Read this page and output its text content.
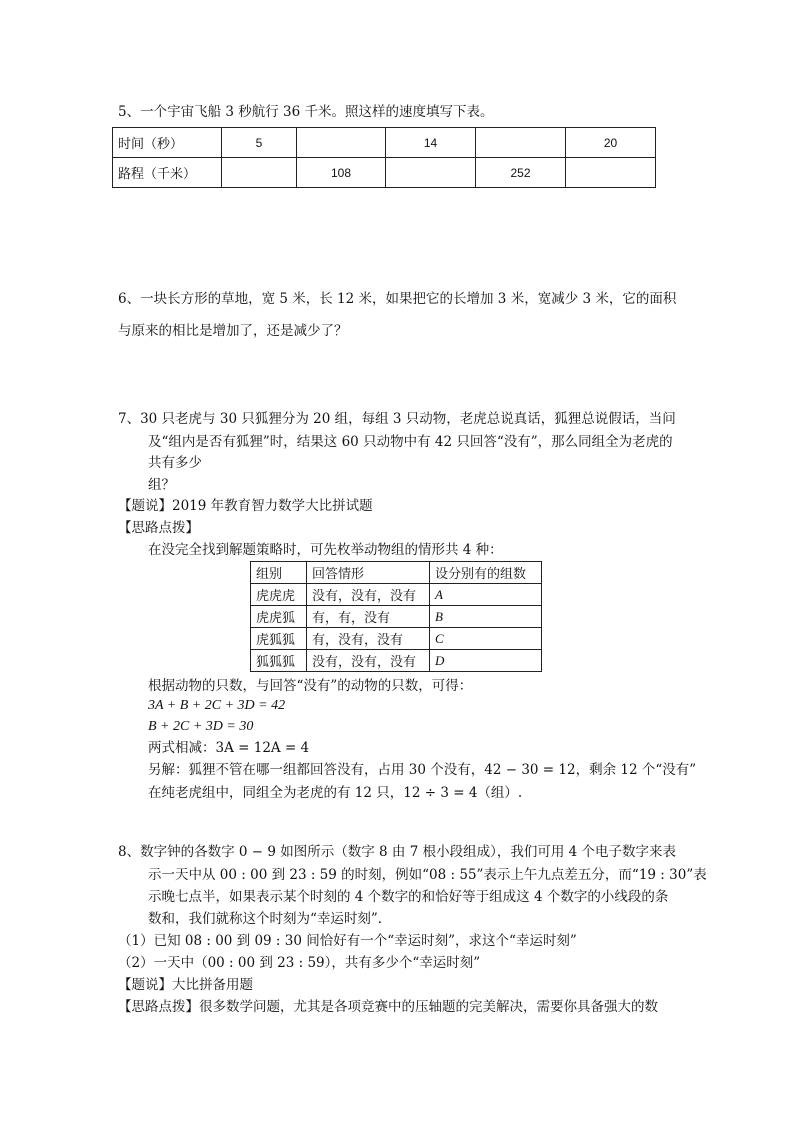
5、一个宇宙飞船 3 秒航行 36 千米。照这样的速度填写下表。
时间（秒）	5		14		20
路程（千米）		108		252	
6、一块长方形的草地，宽 5 米，长 12 米，如果把它的长增加 3 米，宽减少 3 米，它的面积
与原来的相比是增加了，还是减少了？
7、30 只老虎与 30 只狐狸分为 20 组，每组 3 只动物，老虎总说真话，狐狸总说假话，当问
及“组内是否有狐狸”时，结果这 60 只动物中有 42 只回答“没有”，那么同组全为老虎的
共有多少
组？
【题说】2019 年教育智力数学大比拼试题
【思路点拨】
在没完全找到解题策略时，可先枚举动物组的情形共 4 种：
组别	回答情形	设分别有的组数
虎虎虎	没有，没有，没有	A
虎虎狐	有，有，没有	B
虎狐狐	有，没有，没有	C
狐狐狐	没有，没有，没有	D
根据动物的只数，与回答“没有”的动物的只数，可得：
3A + B + 2C + 3D = 42
B + 2C + 3D = 30
两式相减：3A = 12A = 4
另解：狐狸不管在哪一组都回答没有，占用 30 个没有，42 − 30 = 12，剩余 12 个“没有”
在纯老虎组中，同组全为老虎的有 12 只，12 ÷ 3 = 4（组）.
8、数字钟的各数字 0 − 9 如图所示（数字 8 由 7 根小段组成），我们可用 4 个电子数字来表
示一天中从 00 : 00 到 23 : 59 的时刻，例如“08 : 55”表示上午九点差五分，而“19 : 30”表
示晚七点半，如果表示某个时刻的 4 个数字的和恰好等于组成这 4 个数字的小线段的条
数和，我们就称这个时刻为“幸运时刻”．
（1）已知 08 : 00 到 09 : 30 间恰好有一个“幸运时刻”，求这个“幸运时刻”
（2）一天中（00 : 00 到 23 : 59），共有多少个“幸运时刻”
【题说】大比拼备用题
【思路点拨】很多数学问题，尤其是各项竞赛中的压轴题的完美解决，需要你具备强大的数
